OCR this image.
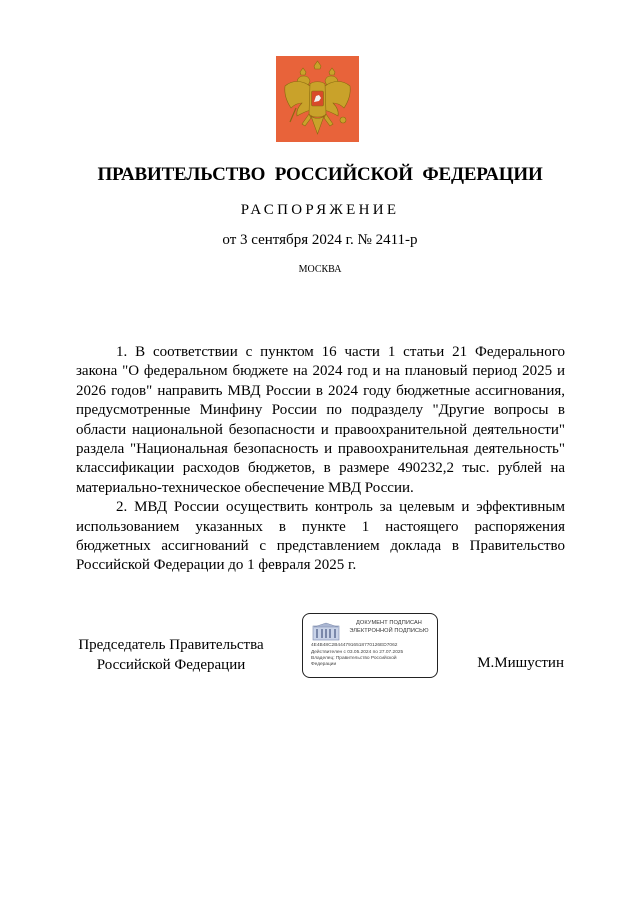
ПРАВИТЕЛЬСТВО РОССИЙСКОЙ ФЕДЕРАЦИИ
РАСПОРЯЖЕНИЕ
от 3 сентября 2024 г. № 2411-р
МОСКВА

1. В соответствии с пунктом 16 части 1 статьи 21 Федерального закона "О федеральном бюджете на 2024 год и на плановый период 2025 и 2026 годов" направить МВД России в 2024 году бюджетные ассигнования, предусмотренные Минфину России по подразделу "Другие вопросы в области национальной безопасности и правоохранительной деятельности" раздела "Национальная безопасность и правоохранительная деятельность" классификации расходов бюджетов, в размере 490232,2 тыс. рублей на материально-техническое обеспечение МВД России.

2. МВД России осуществить контроль за целевым и эффективным использованием указанных в пункте 1 настоящего распоряжения бюджетных ассигнований с представлением доклада в Правительство Российской Федерации до 1 февраля 2025 г.

Председатель Правительства
Российской Федерации
ДОКУМЕНТ ПОДПИСАН
ЭЛЕКТРОННОЙ ПОДПИСЬЮ
4E4B48C2B4447916518770126ED7062
Действителен с 03.05.2024 по 27.07.2025
Владелец: Правительство Российской
Федерации	М.Мишустин
